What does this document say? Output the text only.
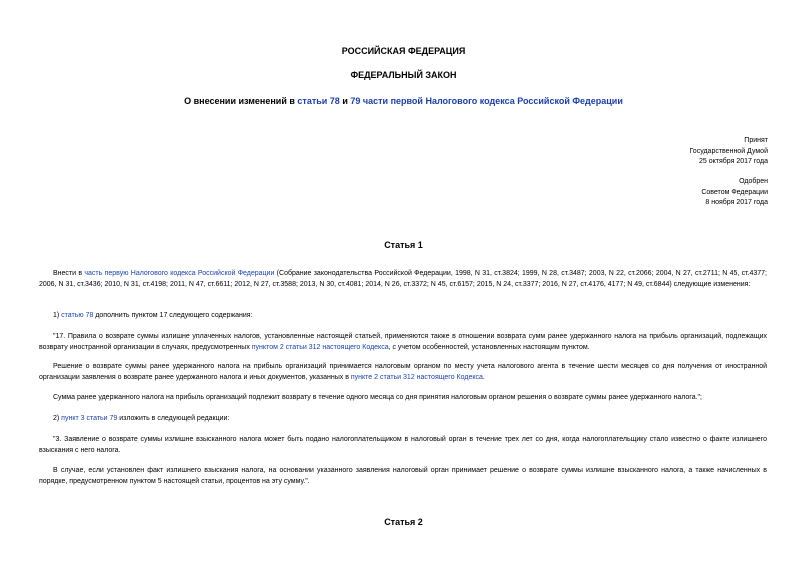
РОССИЙСКАЯ ФЕДЕРАЦИЯ
ФЕДЕРАЛЬНЫЙ ЗАКОН
О внесении изменений в статьи 78 и 79 части первой Налогового кодекса Российской Федерации
Принят
Государственной Думой
25 октября 2017 года
Одобрен
Советом Федерации
8 ноября 2017 года
Статья 1
Внести в часть первую Налогового кодекса Российской Федерации (Собрание законодательства Российской Федерации, 1998, N 31, ст.3824; 1999, N 28, ст.3487; 2003, N 22, ст.2066; 2004, N 27, ст.2711; N 45, ст.4377; 2006, N 31, ст.3436; 2010, N 31, ст.4198; 2011, N 47, ст.6611; 2012, N 27, ст.3588; 2013, N 30, ст.4081; 2014, N 26, ст.3372; N 45, ст.6157; 2015, N 24, ст.3377; 2016, N 27, ст.4176, 4177; N 49, ст.6844) следующие изменения:
1) статью 78 дополнить пунктом 17 следующего содержания:
"17. Правила о возврате суммы излишне уплаченных налогов, установленные настоящей статьей, применяются также в отношении возврата сумм ранее удержанного налога на прибыль организаций, подлежащих возврату иностранной организации в случаях, предусмотренных пунктом 2 статьи 312 настоящего Кодекса, с учетом особенностей, установленных настоящим пунктом.
Решение о возврате суммы ранее удержанного налога на прибыль организаций принимается налоговым органом по месту учета налогового агента в течение шести месяцев со дня получения от иностранной организации заявления о возврате ранее удержанного налога и иных документов, указанных в пункте 2 статьи 312 настоящего Кодекса.
Сумма ранее удержанного налога на прибыль организаций подлежит возврату в течение одного месяца со дня принятия налоговым органом решения о возврате суммы ранее удержанного налога.";
2) пункт 3 статьи 79 изложить в следующей редакции:
"3. Заявление о возврате суммы излишне взысканного налога может быть подано налогоплательщиком в налоговый орган в течение трех лет со дня, когда налогоплательщику стало известно о факте излишнего взыскания с него налога.
В случае, если установлен факт излишнего взыскания налога, на основании указанного заявления налоговый орган принимает решение о возврате суммы излишне взысканного налога, а также начисленных в порядке, предусмотренном пунктом 5 настоящей статьи, процентов на эту сумму.".
Статья 2
